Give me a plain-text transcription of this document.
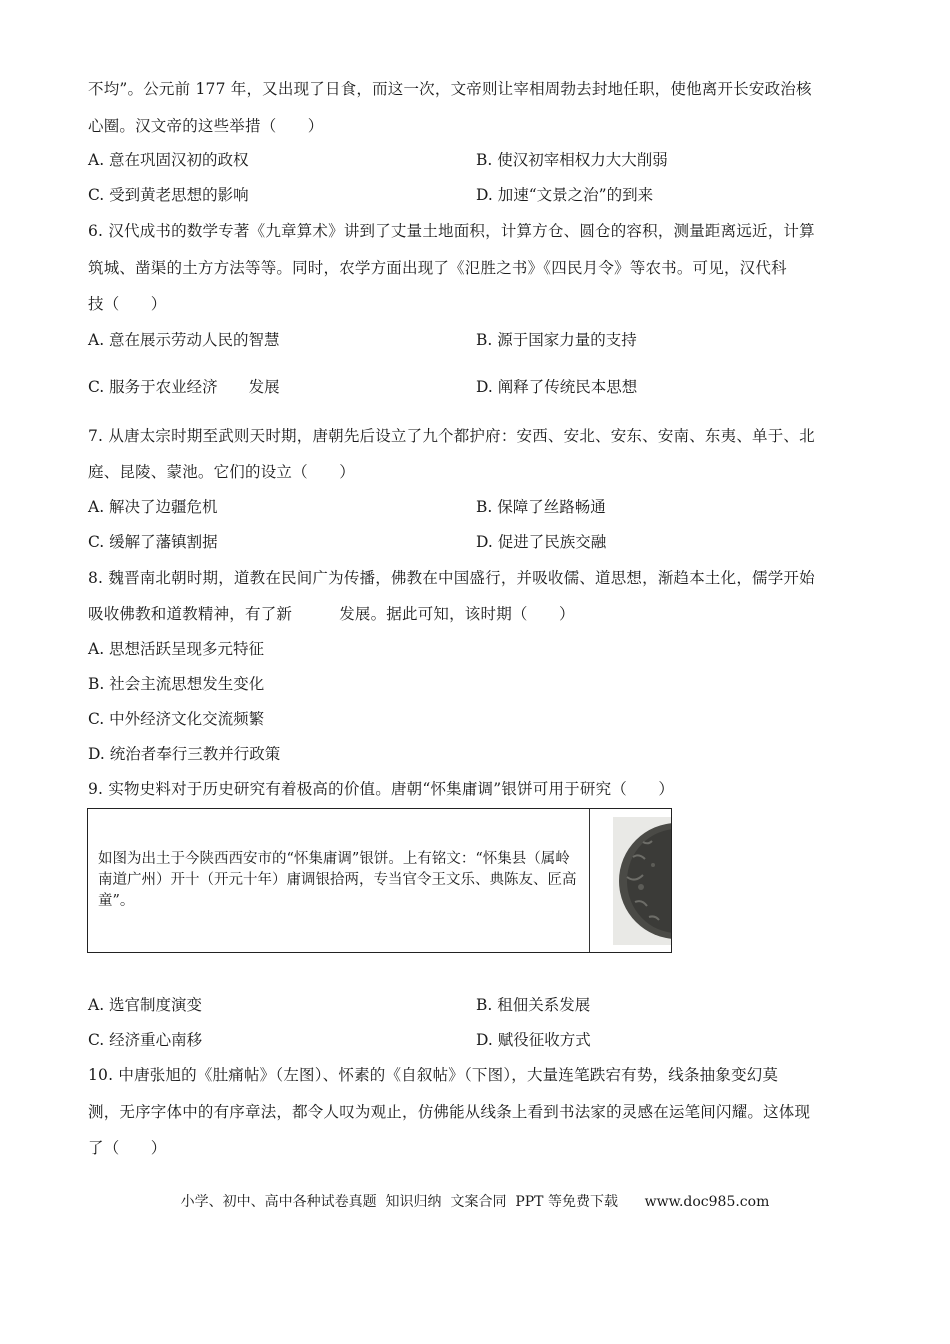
不均”。公元前 177 年，又出现了日食，而这一次，文帝则让宰相周勃去封地任职，使他离开长安政治核
心圈。汉文帝的这些举措（　　）
A. 意在巩固汉初的政权	B. 使汉初宰相权力大大削弱
C. 受到黄老思想的影响	D. 加速“文景之治”的到来
6. 汉代成书的数学专著《九章算术》讲到了丈量土地面积，计算方仓、圆仓的容积，测量距离远近，计算
筑城、凿渠的土方方法等等。同时，农学方面出现了《氾胜之书》《四民月令》等农书。可见，汉代科
技（　　）
A. 意在展示劳动人民的智慧	B. 源于国家力量的支持
C. 服务于农业经济　　发展	D. 阐释了传统民本思想
7. 从唐太宗时期至武则天时期，唐朝先后设立了九个都护府：安西、安北、安东、安南、东夷、单于、北
庭、昆陵、蒙池。它们的设立（　　）
A. 解决了边疆危机	B. 保障了丝路畅通
C. 缓解了藩镇割据	D. 促进了民族交融
8. 魏晋南北朝时期，道教在民间广为传播，佛教在中国盛行，并吸收儒、道思想，渐趋本土化，儒学开始
吸收佛教和道教精神，有了新　　　发展。据此可知，该时期（　　）
A. 思想活跃呈现多元特征
B. 社会主流思想发生变化
C. 中外经济文化交流频繁
D. 统治者奉行三教并行政策
9. 实物史料对于历史研究有着极高的价值。唐朝“怀集庸调”银饼可用于研究（　　）
如图为出土于今陕西西安市的“怀集庸调”银饼。上有铭文：“怀集县（属岭南道广州）开十（开元十年）庸调银拾两，专当官令王文乐、典陈友、匠高童”。
A. 选官制度演变	B. 租佃关系发展
C. 经济重心南移	D. 赋役征收方式
10. 中唐张旭的《肚痛帖》（左图）、怀素的《自叙帖》（下图），大量连笔跌宕有势，线条抽象变幻莫
测，无序字体中的有序章法，都令人叹为观止，仿佛能从线条上看到书法家的灵感在运笔间闪耀。这体现
了（　　）
小学、初中、高中各种试卷真题  知识归纳  文案合同  PPT 等免费下载      www.doc985.com
